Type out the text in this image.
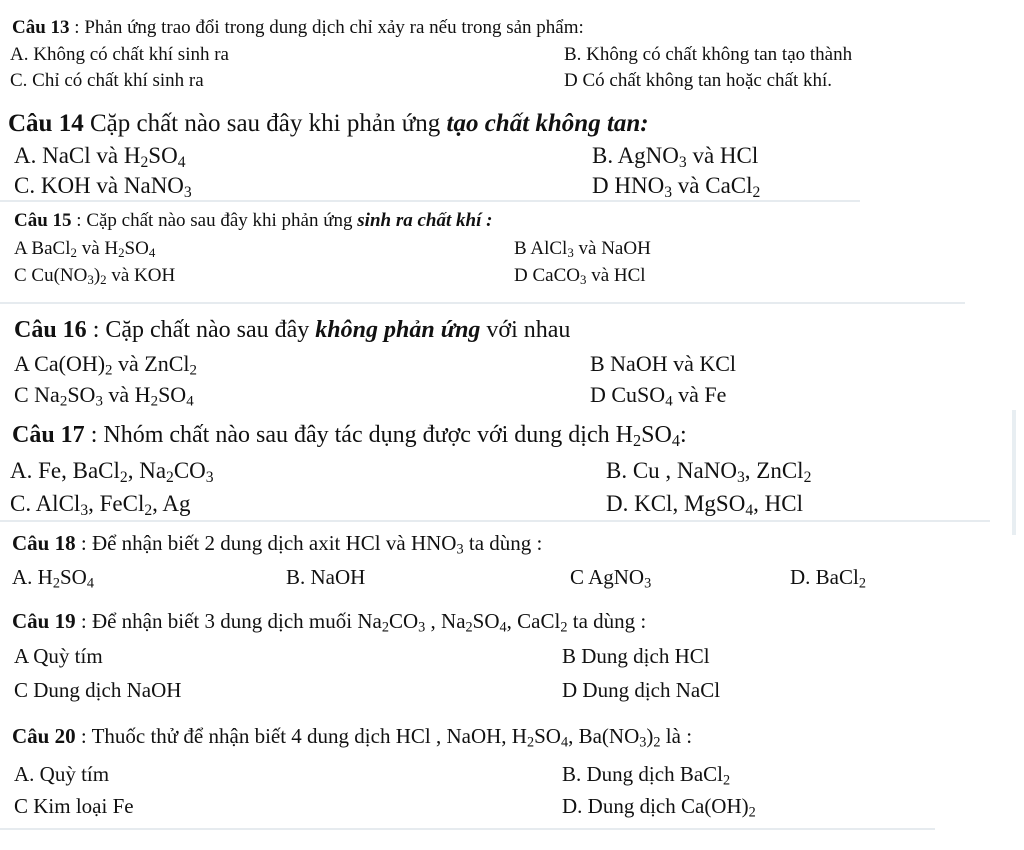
Câu 13 : Phản ứng trao đổi trong dung dịch chỉ xảy ra nếu trong sản phẩm:
A. Không có chất khí sinh ra	B. Không có chất không tan tạo thành
C. Chỉ có chất khí sinh ra	D Có chất không tan hoặc chất khí.
Câu 14 Cặp chất nào sau đây khi phản ứng tạo chất không tan:
A. NaCl và $H_2SO_4$	B. AgNO$_3$ và HCl
C. KOH và NaNO$_3$	D $HNO_3$ và CaCl$_2$
Câu 15 : Cặp chất nào sau đây khi phản ứng sinh ra chất khí :
A BaCl$_2$ và $H_2SO_4$	B AlCl$_3$ và NaOH
C $Cu(NO_3)_2$ và KOH	D CaCO$_3$ và HCl
Câu 16 : Cặp chất nào sau đây không phản ứng với nhau
A $Ca(OH)_2$ và ZnCl$_2$	B NaOH và KCl
C $Na_2SO_3$ và $H_2SO_4$	D CuSO$_4$ và Fe
Câu 17 : Nhóm chất nào sau đây tác dụng được với dung dịch $H_2SO_4$:
A. Fe, BaCl$_2$, $Na_2CO_3$	B. Cu , NaNO$_3$, ZnCl$_2$
C. AlCl$_3$, FeCl$_2$, Ag	D. KCl, MgSO$_4$, HCl
Câu 18 : Để nhận biết 2 dung dịch axit HCl và $HNO_3$ ta dùng :
A. $H_2SO_4$	B. NaOH	C AgNO$_3$	D. BaCl$_2$
Câu 19 : Để nhận biết 3 dung dịch muối $Na_2CO_3$ , $Na_2SO_4$, CaCl$_2$ ta dùng :
A Quỳ tím	B Dung dịch HCl
C Dung dịch NaOH	D Dung dịch NaCl
Câu 20 : Thuốc thử để nhận biết 4 dung dịch HCl , NaOH, $H_2SO_4$, $Ba(NO_3)_2$ là :
A. Quỳ tím	B. Dung dịch BaCl$_2$
C Kim loại Fe	D. Dung dịch $Ca(OH)_2$
